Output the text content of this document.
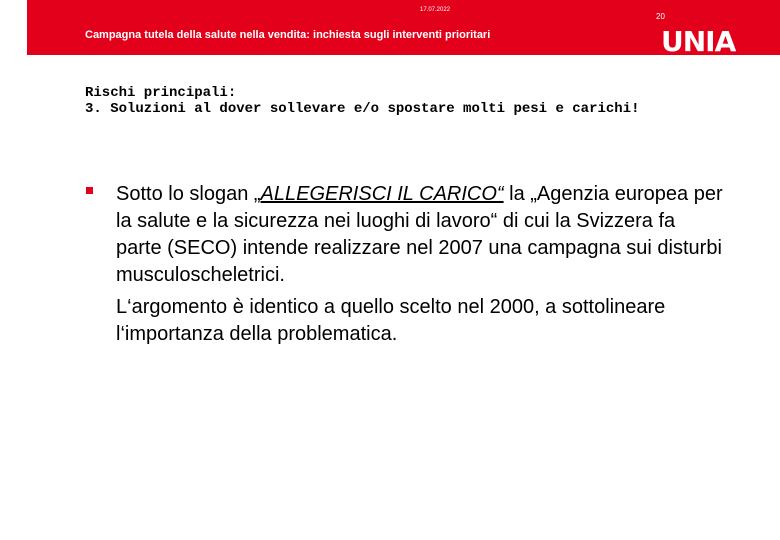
17.07.2022
20
Campagna tutela della salute nella vendita: inchiesta sugli interventi prioritari	UNIA
Rischi principali:
3. Soluzioni al dover sollevare e/o spostare molti pesi e carichi!
Sotto lo slogan „ALLEGERISCI IL CARICO“ la „Agenzia europea per la salute e la sicurezza nei luoghi di lavoro“ di cui la Svizzera fa parte (SECO) intende realizzare nel 2007 una campagna sui disturbi musculoscheletrici.
L‘argomento è identico a quello scelto nel 2000, a sottolineare l‘importanza della problematica.
